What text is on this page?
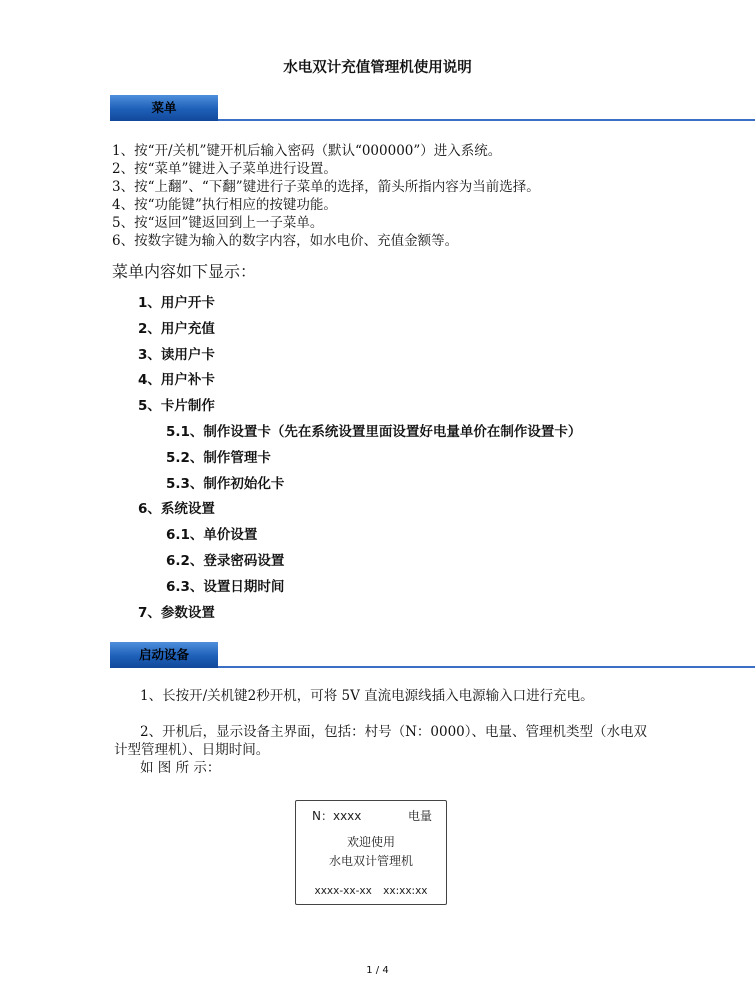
水电双计充值管理机使用说明
菜单
1、按“开/关机”键开机后输入密码（默认“000000”）进入系统。
2、按“菜单”键进入子菜单进行设置。
3、按“上翻”、“下翻”键进行子菜单的选择，箭头所指内容为当前选择。
4、按“功能键”执行相应的按键功能。
5、按“返回”键返回到上一子菜单。
6、按数字键为输入的数字内容，如水电价、充值金额等。
菜单内容如下显示：
1、用户开卡
2、用户充值
3、读用户卡
4、用户补卡
5、卡片制作
5.1、制作设置卡（先在系统设置里面设置好电量单价在制作设置卡）
5.2、制作管理卡
5.3、制作初始化卡
6、系统设置
6.1、单价设置
6.2、登录密码设置
6.3、设置日期时间
7、参数设置
启动设备
1、长按开/关机键2秒开机，可将 5V 直流电源线插入电源输入口进行充电。
2、开机后，显示设备主界面，包括：村号（N：0000）、电量、管理机类型（水电双计型管理机）、日期时间。
如 图 所 示：
N：xxxx	电量
欢迎使用
水电双计管理机
xxxx-xx-xx xx:xx:xx
1 / 4
